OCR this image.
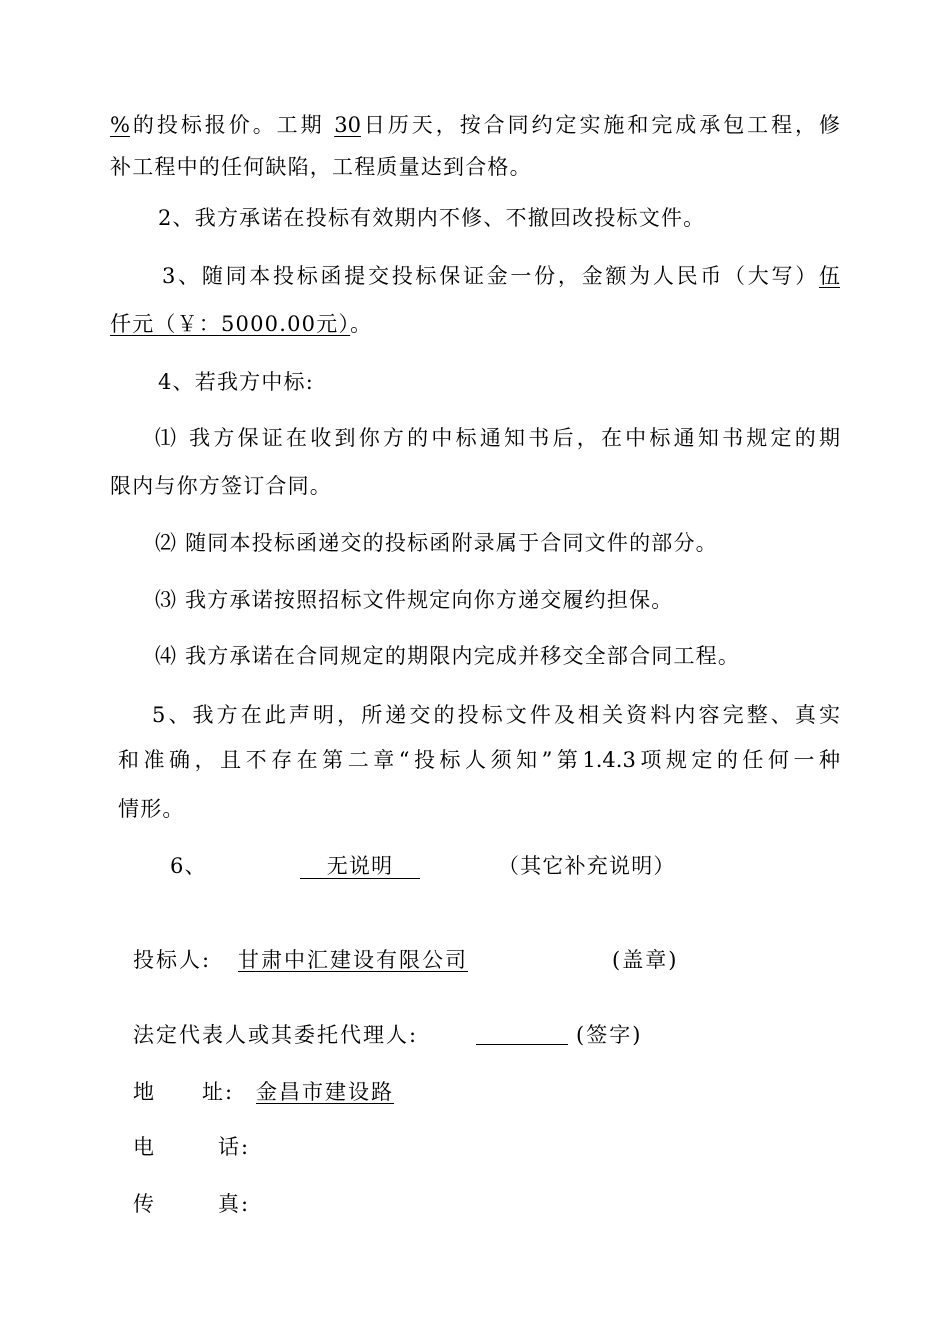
%的投标报价。工期 30日历天，按合同约定实施和完成承包工程，修
补工程中的任何缺陷，工程质量达到合格。
2、我方承诺在投标有效期内不修、不撤回改投标文件。
3、随同本投标函提交投标保证金一份，金额为人民币（大写）伍
仟元（￥：5000.00元）。
4、若我方中标:
⑴ 我方保证在收到你方的中标通知书后，在中标通知书规定的期
限内与你方签订合同。
⑵ 随同本投标函递交的投标函附录属于合同文件的部分。
⑶ 我方承诺按照招标文件规定向你方递交履约担保。
⑷ 我方承诺在合同规定的期限内完成并移交全部合同工程。
5、我方在此声明，所递交的投标文件及相关资料内容完整、真实
和准确，且不存在第二章“投标人须知”第1.4.3项规定的任何一种
情形。
6、	无说明	（其它补充说明）
投标人: 甘肃中汇建设有限公司	(盖章)
法定代表人或其委托代理人:	(签字)
地 址: 金昌市建设路
电	话:
传	真:
